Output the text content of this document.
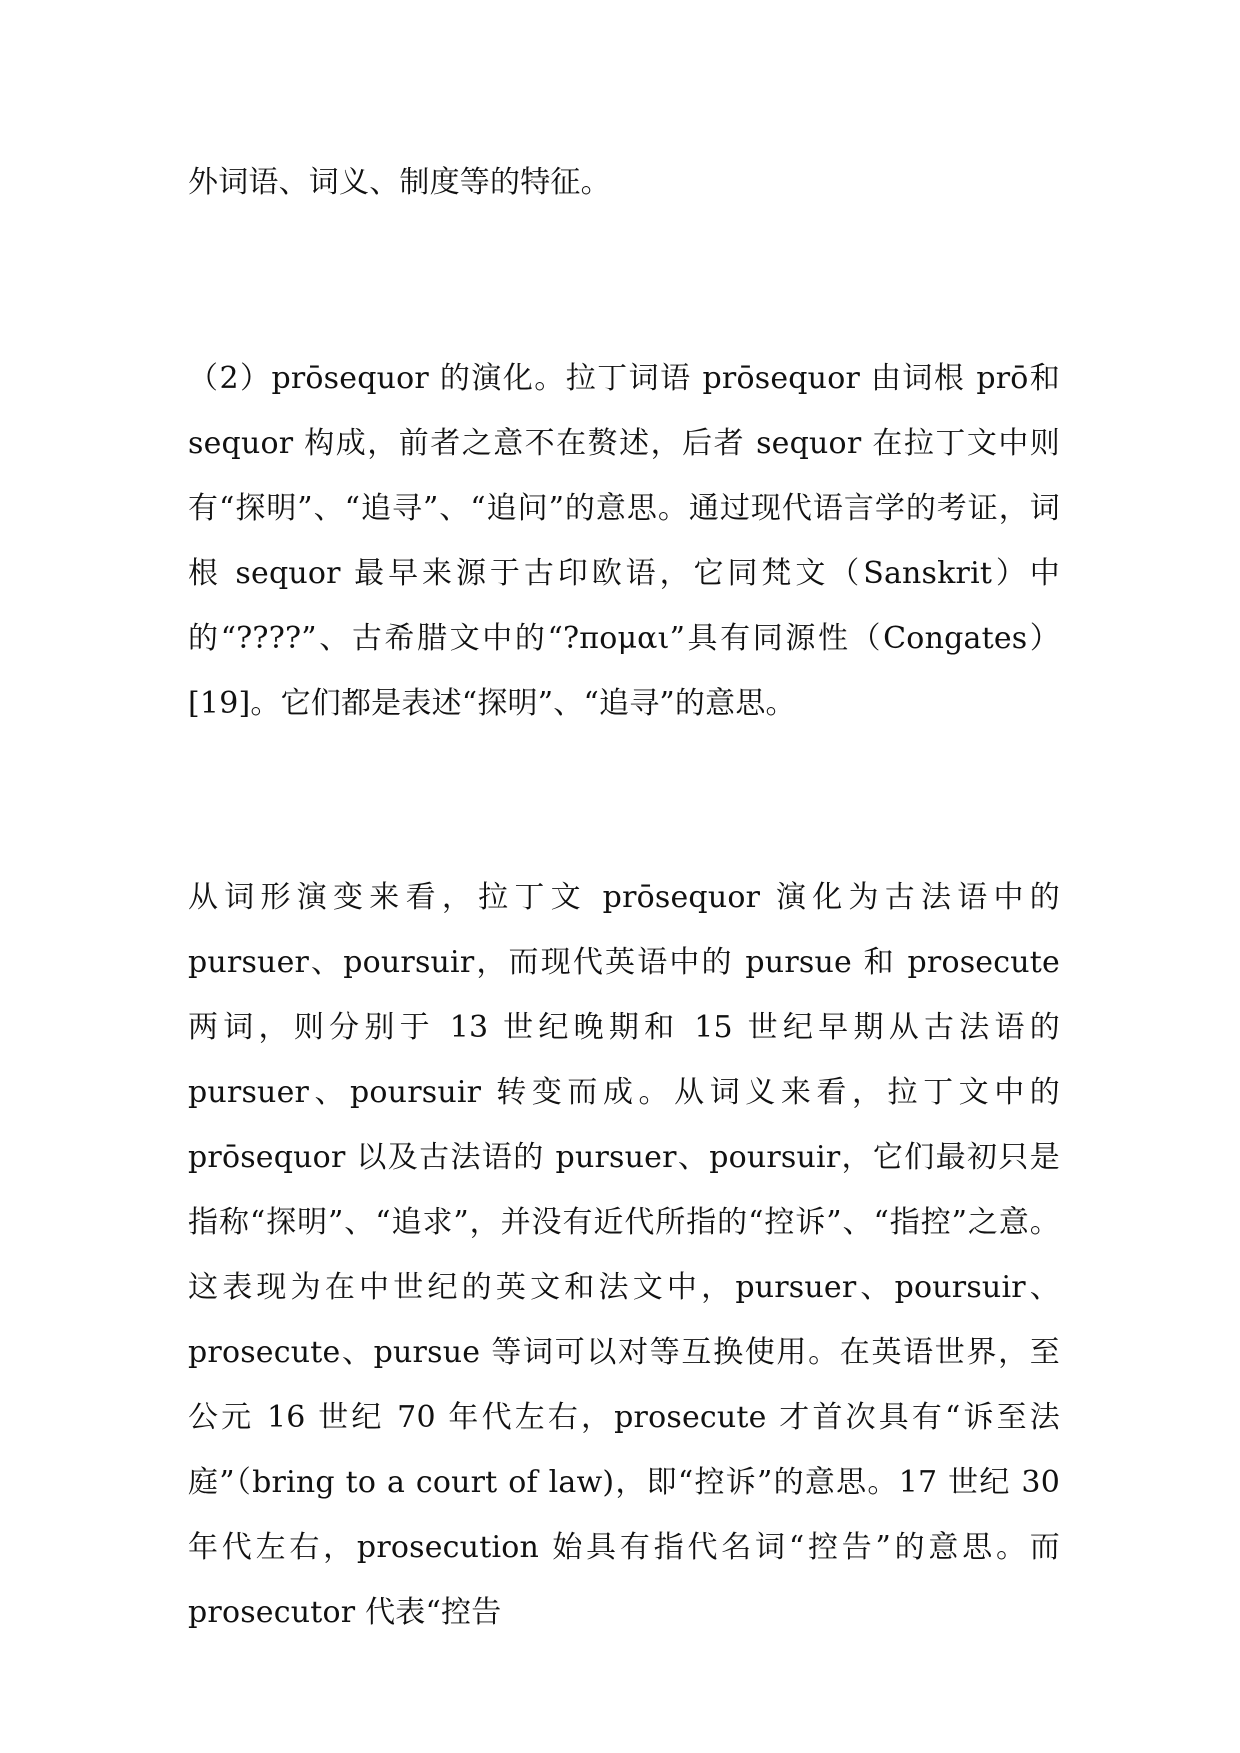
外词语、词义、制度等的特征。

（2）prōsequor 的演化。拉丁词语 prōsequor 由词根 prō和 sequor 构成，前者之意不在赘述，后者 sequor 在拉丁文中则有“探明”、“追寻”、“追问”的意思。通过现代语言学的考证，词根 sequor 最早来源于古印欧语，它同梵文（Sanskrit）中的“????”、古希腊文中的“?πομαι”具有同源性（Congates）[19]。它们都是表述“探明”、“追寻”的意思。

从词形演变来看，拉丁文 prōsequor 演化为古法语中的 pursuer、poursuir，而现代英语中的 pursue 和 prosecute 两词，则分别于 13 世纪晚期和 15 世纪早期从古法语的 pursuer、poursuir 转变而成。从词义来看，拉丁文中的 prōsequor 以及古法语的 pursuer、poursuir，它们最初只是指称“探明”、“追求”，并没有近代所指的“控诉”、“指控”之意。这表现为在中世纪的英文和法文中，pursuer、poursuir、prosecute、pursue 等词可以对等互换使用。在英语世界，至公元 16 世纪 70 年代左右，prosecute 才首次具有“诉至法庭”（bring to a court of law)，即“控诉”的意思。17 世纪 30 年代左右，prosecution 始具有指代名词“控告”的意思。而 prosecutor 代表“控告
